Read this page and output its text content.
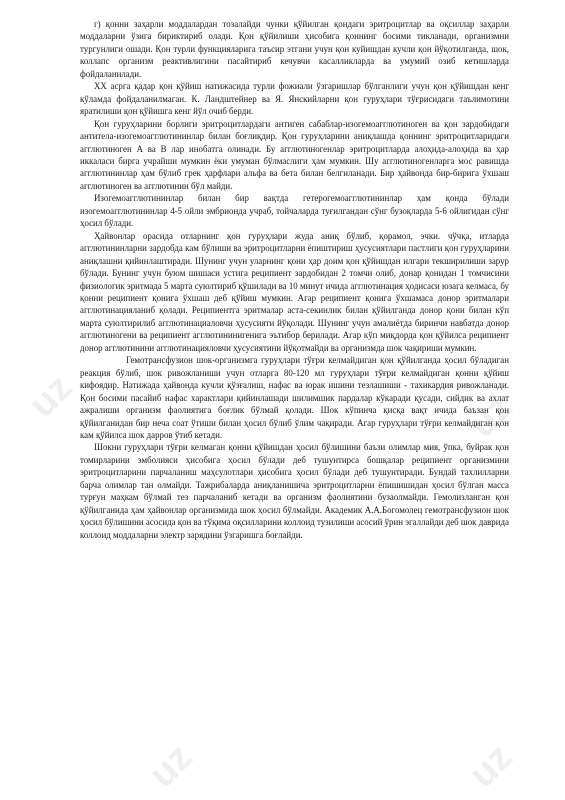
uz
uz	uz
uz

г) қонни заҳарли моддалардан тозалайди чунки қўйилган қондаги эритроцитлар ва оқсиллар заҳарли моддаларни ўзига бириктириб олади. Қон қўйилиши ҳисобига қоннинг босими тикланади, организмни тургунлиги ошади. Қон турли функцияларига таъсир этгани учун қон куйишдан кучли қон йўқотилганда, шок, коллапс организм реактивлигини пасайтириб кечувчи касалликларда ва умумий озиб кетишларда фойдаланилади.

ХХ асрга қадар қон қўйиш натижасида турли фожиали ўзгаришлар бўлганлиги учун қон қўйишдан кенг кўламда фойдаланилмаган. К. Ландштейнер ва Я. Янскийларни қон гуруҳлари тўғрисидаги таълимотини яратилиши қон қўйишга кенг йўл очиб берди.

Қон гуруҳларини борлиги эритроцитлардаги антиген сабаблар-изогемоагглютиноген ва қон зардобидаги антитела-изогемоагглютининлар билан боғлиқдир. Қон гуруҳларини аниқлашда қоннинг эритроцитларидаги агглютиноген А ва В лар инобатга олинади. Бу агглютиногенлар эритроцитларда алоҳида-алоҳида ва ҳар иккаласи бирга учрайши мумкин ёки умуман бўлмаслиги ҳам мумкин. Шу агглютиногенларга мос равишда агглютининлар ҳам бўлиб грек ҳарфлари альфа ва бета билан белгиланади. Бир ҳайвонда бир-бирига ўхшаш агглютиноген ва агглютинин бўл майди.

Изогемоагглютининлар билан бир вақтда гетерогемоагглютининлар ҳам қонда бўлади изогемоагглютининлар 4-5 ойли эмбрионда учраб, тойчаларда туғилгандан сўнг бузоқларда 5-6 ойлигидан сўнг ҳосил бўлади.

Ҳайвонлар орасида отларнинг қон гуруҳлари жуда аниқ бўлиб, қорамол, эчки. чўчқа, итларда агглютининларни зардобда кам бўлиши ва эритроцитларни ёпиштириш ҳусусиятлари пастлиги қон гуруҳларини аниқлашни қийинлаштиради. Шунинг учун уларнинг қони ҳар доим қон қўйишдан илгари текширилиши зарур бўлади. Бунинг учун буюм шишаси устига реципиент зардобидан 2 томчи олиб, донар қонидан 1 томчисини физиологик эритмада 5 марта суюлтириб қўшилади ва 10 минут ичида агглютинация ҳодисаси юзага келмаса, бу қонни реципиент қонига ўхшаш деб қўйиш мумкин. Агар реципиент қонига ўхшамаса донор эритмалари агглютинацияланиб қолади. Реципиентга эритмалар аста-секинлик билан қўйилганда донор қони билан кўп марта суюлтирилиб агглютинациаловчи ҳусусияти йўқолади. Шунинг учун амалиётда биринчи навбатда донор агглютиногени ва реципиент агглютининигенига эътибор берилади. Агар кўп миқдорда қон қўйилса реципиент донор агглютинини агглютинацияловчи ҳусусиятини йўқотмайди ва организмда шок чақириши мумкин.

Гемотрансфузион шок-организмга гуруҳлари тўғри келмайдиган қон қўйилганда ҳосил бўладиган реакция бўлиб, шок ривожланиши учун отларга 80-120 мл гуруҳлари тўғри келмайдиган қонни қўйиш кифоядир. Натижада ҳайвонда кучли қўзғалиш, нафас ва юрак ишини тезлашиши - тахикардия ривожланади. Қон босими пасайиб нафас характлари қийинлашади шилимшик пардалар кўкаради қусади, сийдик ва ахлат ажралиши организм фаолиятига боғлик бўлмай қолади. Шок кўпинча қисқа вақт ичида баъзан қон қўйилганидан бир неча соат ўтиши билан ҳосил бўлиб ўлим чақиради. Агар гуруҳлари тўғри келмайдиган қон кам қўйилса шок дарров ўтиб кетади.

Шокни гуруҳлари тўғри келмаган қонни қўйишдан ҳосил бўлишини баъзи олимлар мия, ўпка, буйрак қон томирларини эмболияси ҳисобига ҳосил бўлади деб тушунтирса бошқалар реципиент организмини эритроцитларини парчаланиш маҳсулотлари ҳисобига ҳосил бўлади деб тушунтиради. Бундай тахлилларни барча олимлар тан олмайди. Тажрибаларда аниқланишича эритроцитларни ёпишишидан ҳосил бўлган масса турғун маҳкам бўлмай тез парчаланиб кетади ва организм фаолиятини бузаолмайди. Гемолизланган қон қўйилганида ҳам ҳайвонлар организмида шок ҳосил бўлмайди. Академик А.А.Богомолец гемотрансфузион шок ҳосил бўлишини асосида қон ва тўқима оқсилларини коллоид тузилиши асосий ўрин эгаллайди деб шок даврида коллоид моддаларни электр зарядини ўзгаришга боғлайди.
